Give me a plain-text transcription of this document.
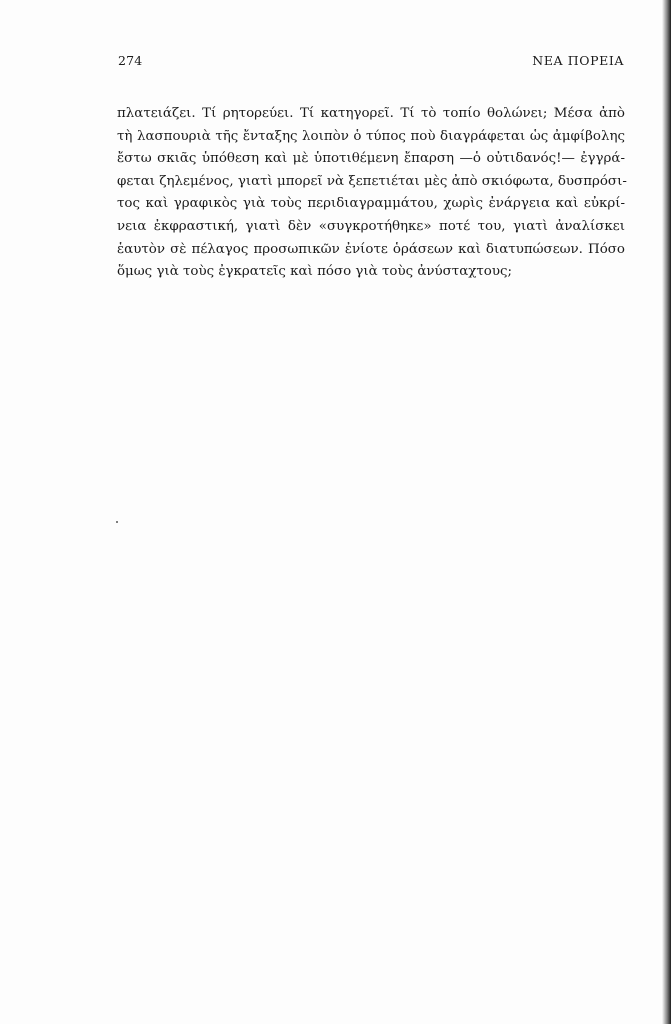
274	ΝΕΑ ΠΟΡΕΙΑ
πλατειάζει. Τί ρητορεύει. Τί κατηγορεῖ. Τί τὸ τοπίο θολώνει; Μέσα ἀπὸ
τὴ λασπουριὰ τῆς ἔνταξης λοιπὸν ὁ τύπος ποὺ διαγράφεται ὡς ἀμφίβολης
ἔστω σκιᾶς ὑπόθεση καὶ μὲ ὑποτιθέμενη ἔπαρση —ὁ οὐτιδανός!— ἐγγρά-
φεται ζηλεμένος, γιατὶ μπορεῖ νὰ ξεπετιέται μὲς ἀπὸ σκιόφωτα, δυσπρόσι-
τος καὶ γραφικὸς γιὰ τοὺς περιδιαγραμμάτου, χωρὶς ἐνάργεια καὶ εὐκρί-
νεια ἐκφραστική, γιατὶ δὲν «συγκροτήθηκε» ποτέ του, γιατὶ ἀναλίσκει
ἑαυτὸν σὲ πέλαγος προσωπικῶν ἐνίοτε ὁράσεων καὶ διατυπώσεων. Πόσο
ὅμως γιὰ τοὺς ἐγκρατεῖς καὶ πόσο γιὰ τοὺς ἀνύσταχτους;
